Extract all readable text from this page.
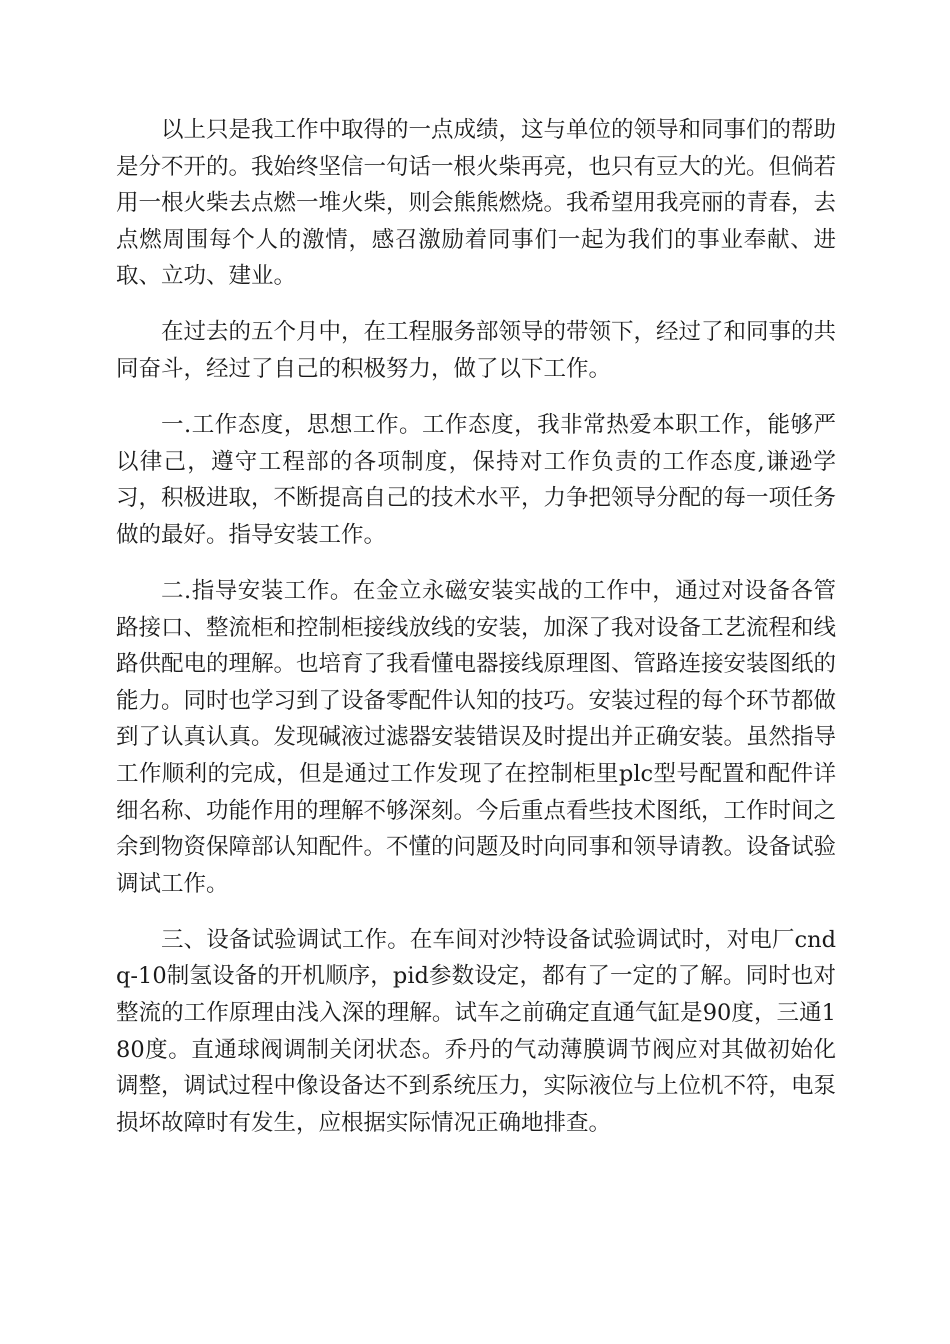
以上只是我工作中取得的一点成绩，这与单位的领导和同事们的帮助是分不开的。我始终坚信一句话一根火柴再亮，也只有豆大的光。但倘若用一根火柴去点燃一堆火柴，则会熊熊燃烧。我希望用我亮丽的青春，去点燃周围每个人的激情，感召激励着同事们一起为我们的事业奉献、进取、立功、建业。

在过去的五个月中，在工程服务部领导的带领下，经过了和同事的共同奋斗，经过了自己的积极努力，做了以下工作。

一.工作态度，思想工作。工作态度，我非常热爱本职工作，能够严以律己，遵守工程部的各项制度，保持对工作负责的工作态度,谦逊学习，积极进取，不断提高自己的技术水平，力争把领导分配的每一项任务做的最好。指导安装工作。

二.指导安装工作。在金立永磁安装实战的工作中，通过对设备各管路接口、整流柜和控制柜接线放线的安装，加深了我对设备工艺流程和线路供配电的理解。也培育了我看懂电器接线原理图、管路连接安装图纸的能力。同时也学习到了设备零配件认知的技巧。安装过程的每个环节都做到了认真认真。发现碱液过滤器安装错误及时提出并正确安装。虽然指导工作顺利的完成，但是通过工作发现了在控制柜里plc型号配置和配件详细名称、功能作用的理解不够深刻。今后重点看些技术图纸，工作时间之余到物资保障部认知配件。不懂的问题及时向同事和领导请教。设备试验调试工作。

三、设备试验调试工作。在车间对沙特设备试验调试时，对电厂cndq-10制氢设备的开机顺序，pid参数设定，都有了一定的了解。同时也对整流的工作原理由浅入深的理解。试车之前确定直通气缸是90度，三通180度。直通球阀调制关闭状态。乔丹的气动薄膜调节阀应对其做初始化调整，调试过程中像设备达不到系统压力，实际液位与上位机不符，电泵损坏故障时有发生，应根据实际情况正确地排查。
